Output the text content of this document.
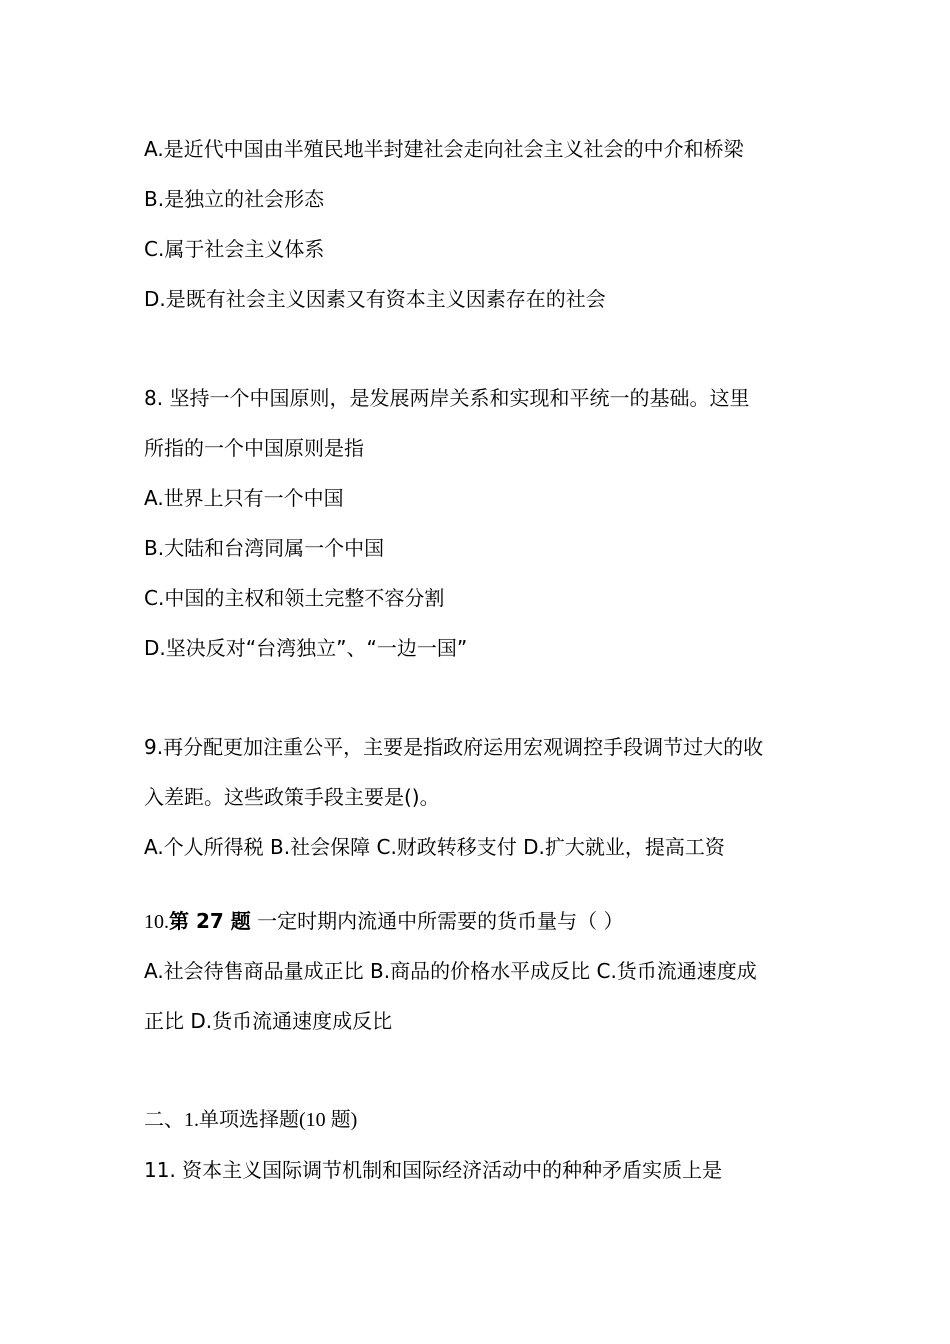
A.是近代中国由半殖民地半封建社会走向社会主义社会的中介和桥梁
B.是独立的社会形态
C.属于社会主义体系
D.是既有社会主义因素又有资本主义因素存在的社会
8. 坚持一个中国原则，是发展两岸关系和实现和平统一的基础。这里
所指的一个中国原则是指
A.世界上只有一个中国
B.大陆和台湾同属一个中国
C.中国的主权和领土完整不容分割
D.坚决反对“台湾独立”、“一边一国”
9.再分配更加注重公平，主要是指政府运用宏观调控手段调节过大的收
入差距。这些政策手段主要是()。
A.个人所得税 B.社会保障 C.财政转移支付 D.扩大就业，提高工资
10.第 27 题 一定时期内流通中所需要的货币量与（ ）
A.社会待售商品量成正比 B.商品的价格水平成反比 C.货币流通速度成
正比 D.货币流通速度成反比
二、1.单项选择题(10 题)
11. 资本主义国际调节机制和国际经济活动中的种种矛盾实质上是
